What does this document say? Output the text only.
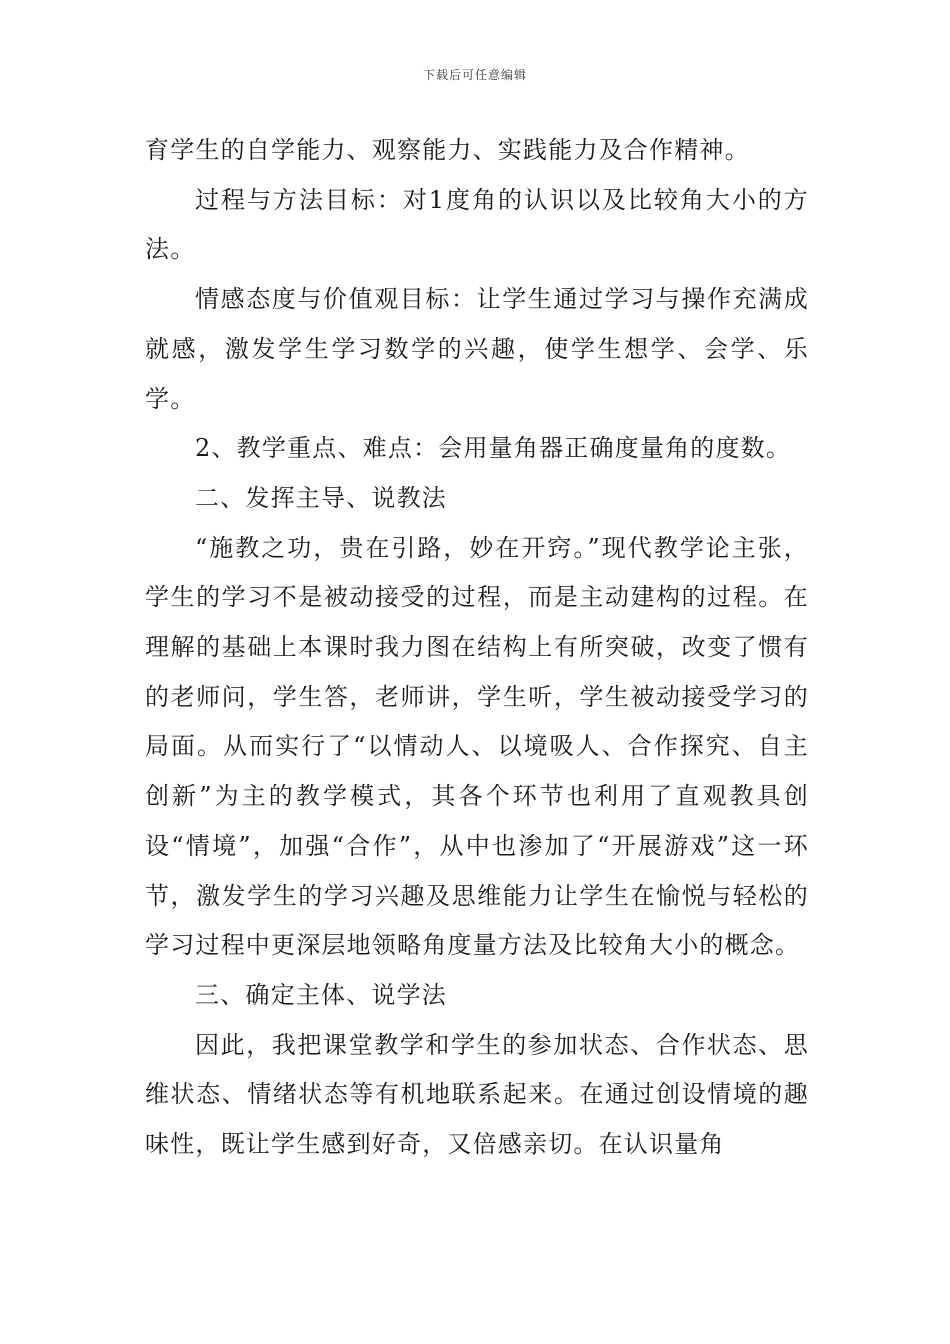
下载后可任意编辑

育学生的自学能力、观察能力、实践能力及合作精神。

过程与方法目标：对1度角的认识以及比较角大小的方法。

情感态度与价值观目标：让学生通过学习与操作充满成就感，激发学生学习数学的兴趣，使学生想学、会学、乐学。

2、教学重点、难点：会用量角器正确度量角的度数。

二、发挥主导、说教法

“施教之功，贵在引路，妙在开窍。”现代教学论主张，学生的学习不是被动接受的过程，而是主动建构的过程。在理解的基础上本课时我力图在结构上有所突破，改变了惯有的老师问，学生答，老师讲，学生听，学生被动接受学习的局面。从而实行了“以情动人、以境吸人、合作探究、自主创新”为主的教学模式，其各个环节也利用了直观教具创设“情境”，加强“合作”，从中也渗加了“开展游戏”这一环节，激发学生的学习兴趣及思维能力让学生在愉悦与轻松的学习过程中更深层地领略角度量方法及比较角大小的概念。

三、确定主体、说学法

因此，我把课堂教学和学生的参加状态、合作状态、思维状态、情绪状态等有机地联系起来。在通过创设情境的趣味性，既让学生感到好奇，又倍感亲切。在认识量角
